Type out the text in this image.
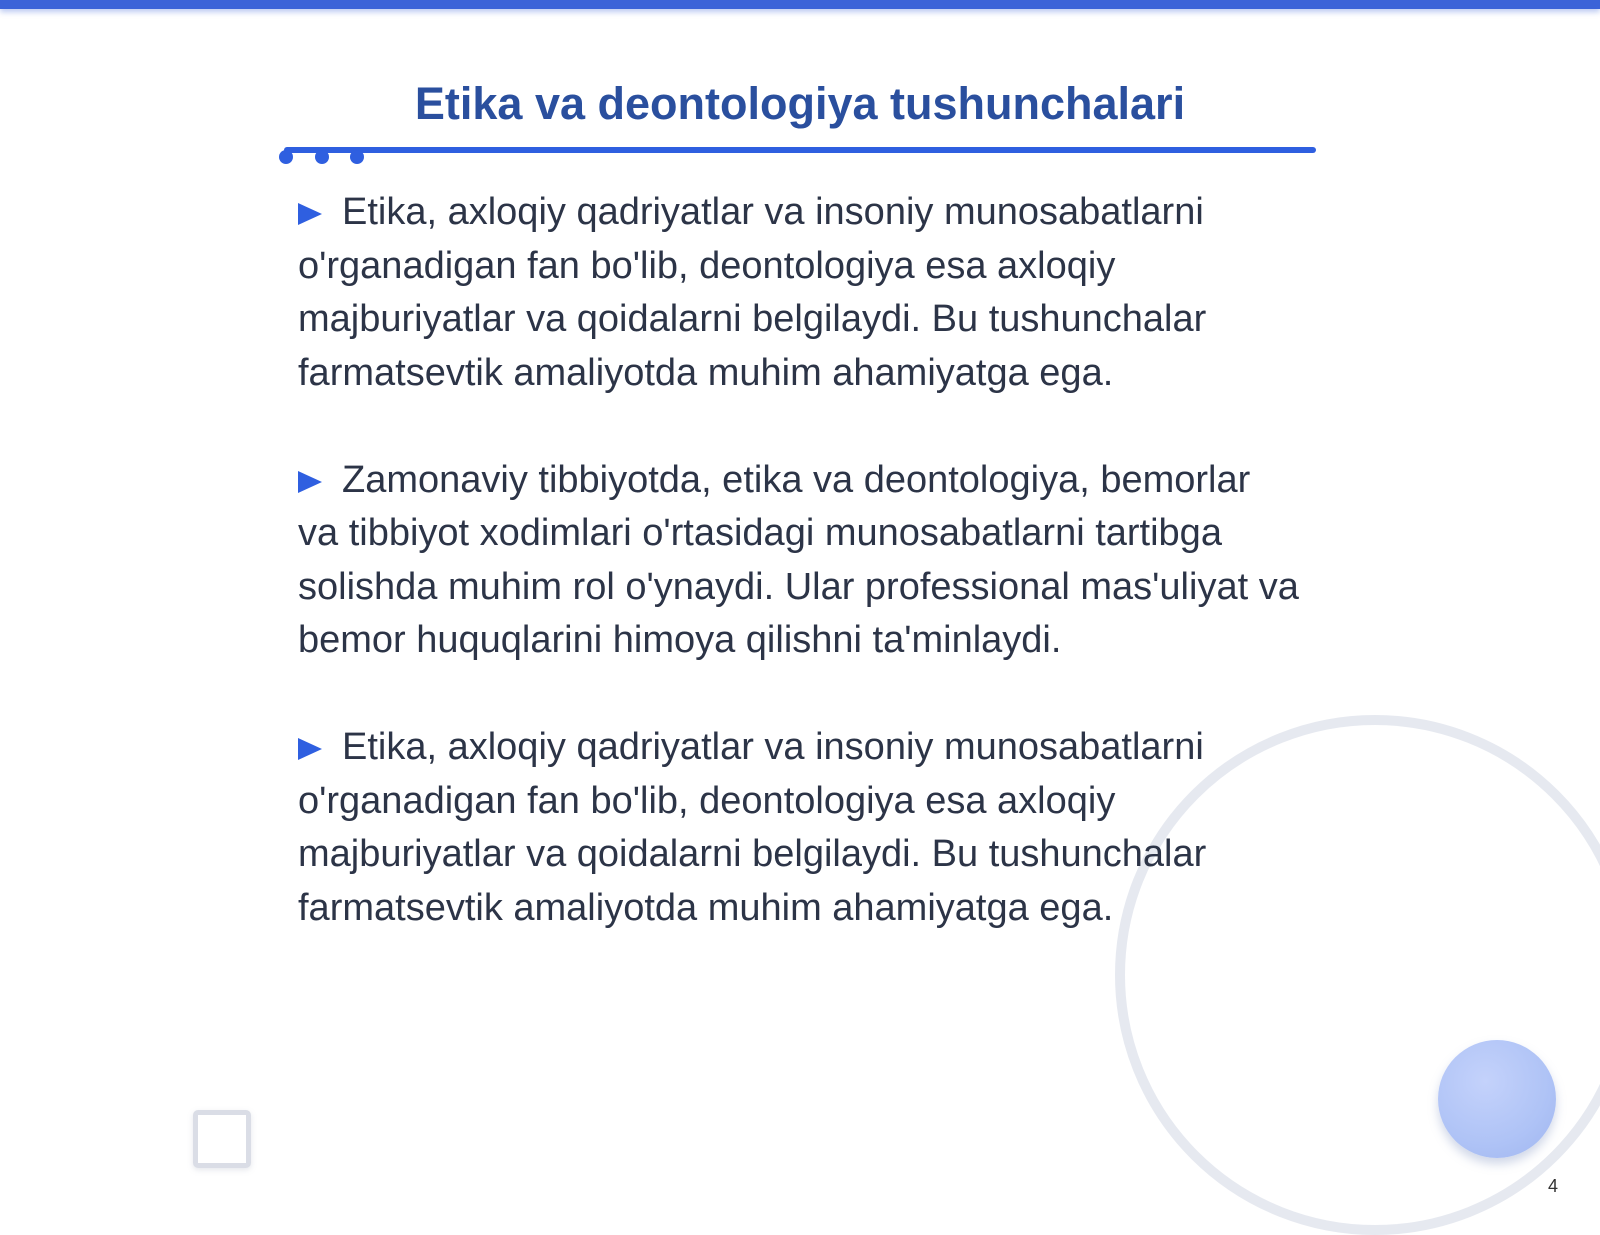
Etika va deontologiya tushunchalari

Etika, axloqiy qadriyatlar va insoniy munosabatlarni o'rganadigan fan bo'lib, deontologiya esa axloqiy majburiyatlar va qoidalarni belgilaydi. Bu tushunchalar farmatsevtik amaliyotda muhim ahamiyatga ega.

Zamonaviy tibbiyotda, etika va deontologiya, bemorlar va tibbiyot xodimlari o'rtasidagi munosabatlarni tartibga solishda muhim rol o'ynaydi. Ular professional mas'uliyat va bemor huquqlarini himoya qilishni ta'minlaydi.

Etika, axloqiy qadriyatlar va insoniy munosabatlarni o'rganadigan fan bo'lib, deontologiya esa axloqiy majburiyatlar va qoidalarni belgilaydi. Bu tushunchalar farmatsevtik amaliyotda muhim ahamiyatga ega.

4
